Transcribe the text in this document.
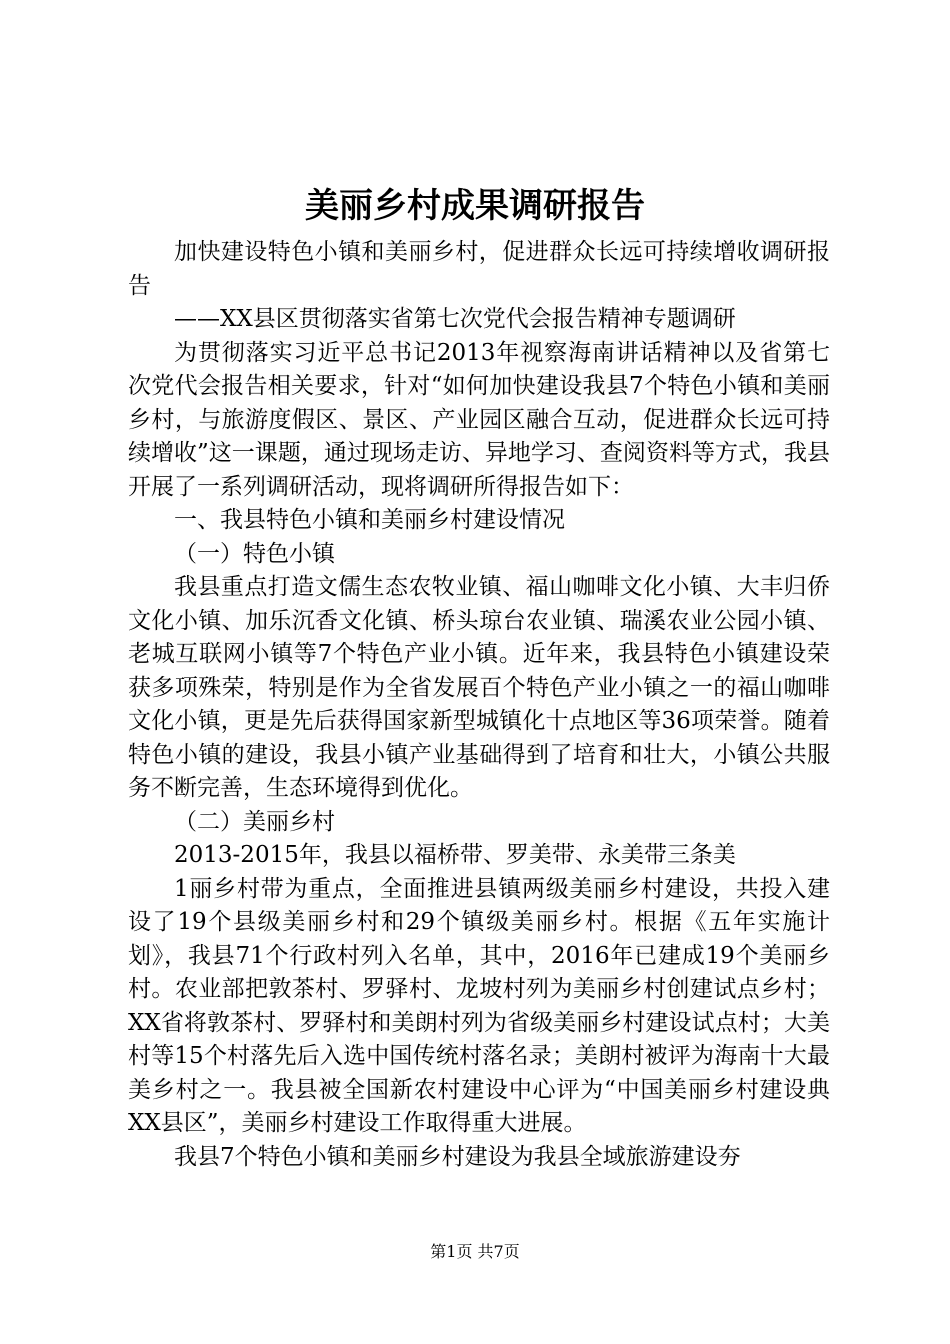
美丽乡村成果调研报告

加快建设特色小镇和美丽乡村，促进群众长远可持续增收调研报告

——XX县区贯彻落实省第七次党代会报告精神专题调研

为贯彻落实习近平总书记2013年视察海南讲话精神以及省第七次党代会报告相关要求，针对“如何加快建设我县7个特色小镇和美丽乡村，与旅游度假区、景区、产业园区融合互动，促进群众长远可持续增收”这一课题，通过现场走访、异地学习、查阅资料等方式，我县开展了一系列调研活动，现将调研所得报告如下：

一、我县特色小镇和美丽乡村建设情况

（一）特色小镇

我县重点打造文儒生态农牧业镇、福山咖啡文化小镇、大丰归侨文化小镇、加乐沉香文化镇、桥头琼台农业镇、瑞溪农业公园小镇、老城互联网小镇等7个特色产业小镇。近年来，我县特色小镇建设荣获多项殊荣，特别是作为全省发展百个特色产业小镇之一的福山咖啡文化小镇，更是先后获得国家新型城镇化十点地区等36项荣誉。随着特色小镇的建设，我县小镇产业基础得到了培育和壮大，小镇公共服务不断完善，生态环境得到优化。

（二）美丽乡村

2013-2015年，我县以福桥带、罗美带、永美带三条美

1丽乡村带为重点，全面推进县镇两级美丽乡村建设，共投入建设了19个县级美丽乡村和29个镇级美丽乡村。根据《五年实施计划》，我县71个行政村列入名单，其中，2016年已建成19个美丽乡村。农业部把敦茶村、罗驿村、龙坡村列为美丽乡村创建试点乡村；XX省将敦茶村、罗驿村和美朗村列为省级美丽乡村建设试点村；大美村等15个村落先后入选中国传统村落名录；美朗村被评为海南十大最美乡村之一。我县被全国新农村建设中心评为“中国美丽乡村建设典XX县区”，美丽乡村建设工作取得重大进展。

我县7个特色小镇和美丽乡村建设为我县全域旅游建设夯

第1页 共7页
